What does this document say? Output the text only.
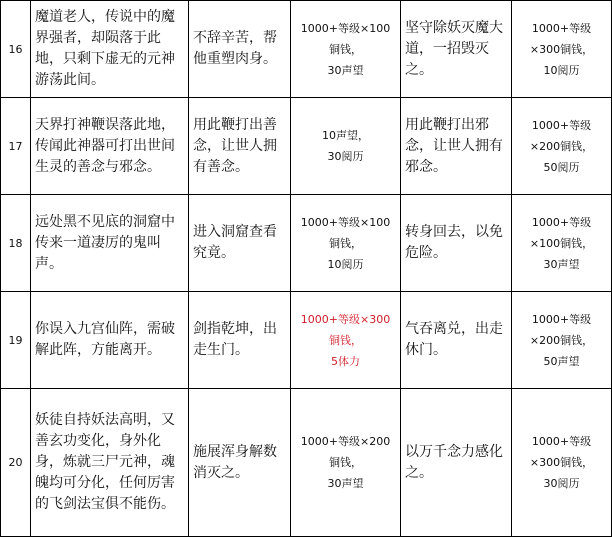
16	魔道老人，传说中的魔界强者，却陨落于此地，只剩下虚无的元神游荡此间。	不辞辛苦，帮他重塑肉身。	1000+等级×100
铜钱，
30声望	坚守除妖灭魔大道，一招毁灭之。	1000+等级
×300铜钱，
10阅历

17	天界打神鞭误落此地，传闻此神器可打出世间生灵的善念与邪念。	用此鞭打出善念，让世人拥有善念。	10声望，
30阅历	用此鞭打出邪念，让世人拥有邪念。	1000+等级
×200铜钱，
50阅历

18	远处黑不见底的洞窟中传来一道凄厉的鬼叫声。	进入洞窟查看究竟。	1000+等级×100
铜钱，
10阅历	转身回去，以免危险。	1000+等级
×100铜钱，
30声望

19	你误入九宫仙阵，需破解此阵，方能离开。	剑指乾坤，出走生门。	1000+等级×300
铜钱，
5体力	气吞离兑，出走休门。	1000+等级
×200铜钱，
50声望

20	妖徒自持妖法高明，又善玄功变化，身外化身，炼就三尸元神，魂魄均可分化，任何厉害的飞剑法宝俱不能伤。	施展浑身解数消灭之。	1000+等级×200
铜钱，
30声望	以万千念力感化之。	1000+等级
×300铜钱，
30阅历
